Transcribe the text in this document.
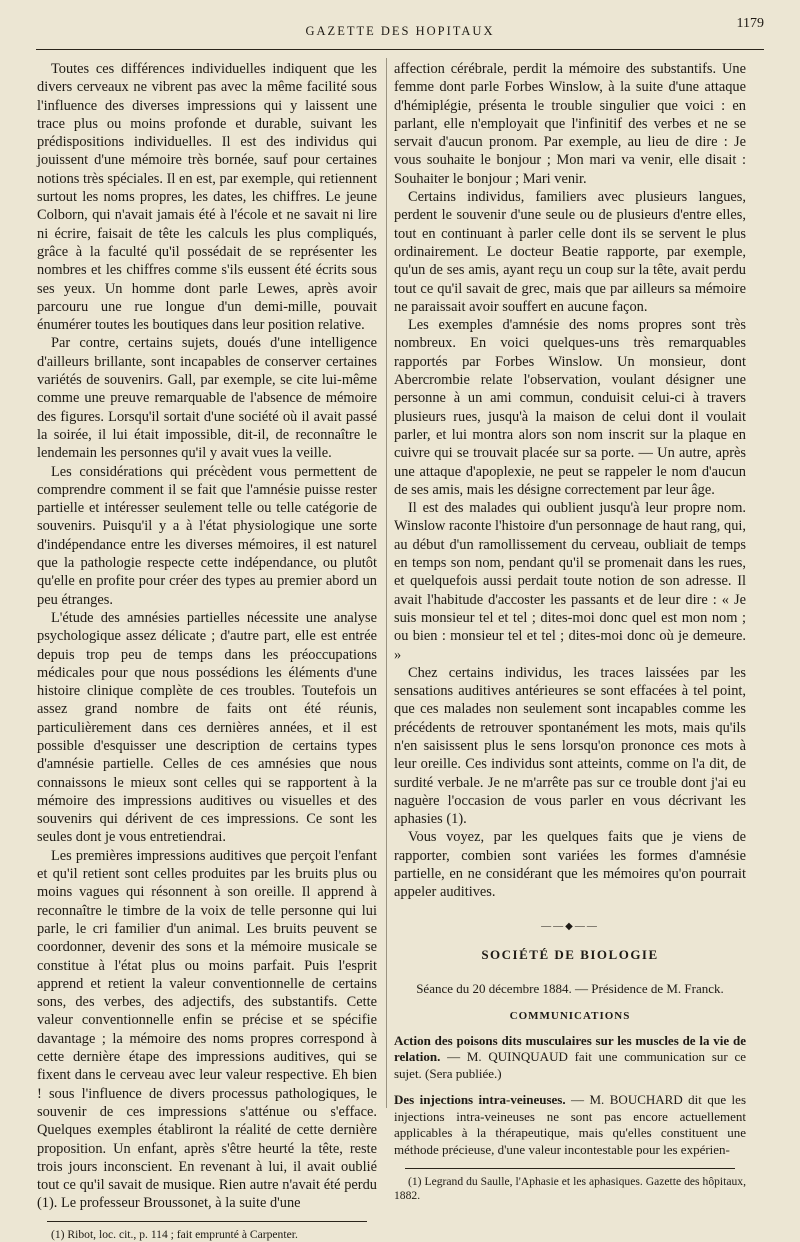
GAZETTE DES HOPITAUX	1179

Toutes ces différences individuelles indiquent que les divers cerveaux ne vibrent pas avec la même facilité sous l'influence des diverses impressions qui y laissent une trace plus ou moins profonde et durable, suivant les prédispositions individuelles. Il est des individus qui jouissent d'une mémoire très bornée, sauf pour certaines notions très spéciales. Il en est, par exemple, qui retiennent surtout les noms propres, les dates, les chiffres. Le jeune Colborn, qui n'avait jamais été à l'école et ne savait ni lire ni écrire, faisait de tête les calculs les plus compliqués, grâce à la faculté qu'il possédait de se représenter les nombres et les chiffres comme s'ils eussent été écrits sous ses yeux. Un homme dont parle Lewes, après avoir parcouru une rue longue d'un demi-mille, pouvait énumérer toutes les boutiques dans leur position relative.

Par contre, certains sujets, doués d'une intelligence d'ailleurs brillante, sont incapables de conserver certaines variétés de souvenirs. Gall, par exemple, se cite lui-même comme une preuve remarquable de l'absence de mémoire des figures. Lorsqu'il sortait d'une société où il avait passé la soirée, il lui était impossible, dit-il, de reconnaître le lendemain les personnes qu'il y avait vues la veille.

Les considérations qui précèdent vous permettent de comprendre comment il se fait que l'amnésie puisse rester partielle et intéresser seulement telle ou telle catégorie de souvenirs. Puisqu'il y a à l'état physiologique une sorte d'indépendance entre les diverses mémoires, il est naturel que la pathologie respecte cette indépendance, ou plutôt qu'elle en profite pour créer des types au premier abord un peu étranges.

L'étude des amnésies partielles nécessite une analyse psychologique assez délicate ; d'autre part, elle est entrée depuis trop peu de temps dans les préoccupations médicales pour que nous possédions les éléments d'une histoire clinique complète de ces troubles. Toutefois un assez grand nombre de faits ont été réunis, particulièrement dans ces dernières années, et il est possible d'esquisser une description de certains types d'amnésie partielle. Celles de ces amnésies que nous connaissons le mieux sont celles qui se rapportent à la mémoire des impressions auditives ou visuelles et des souvenirs qui dérivent de ces impressions. Ce sont les seules dont je vous entretiendrai.

Les premières impressions auditives que perçoit l'enfant et qu'il retient sont celles produites par les bruits plus ou moins vagues qui résonnent à son oreille. Il apprend à reconnaître le timbre de la voix de telle personne qui lui parle, le cri familier d'un animal. Les bruits peuvent se coordonner, devenir des sons et la mémoire musicale se constitue à l'état plus ou moins parfait. Puis l'esprit apprend et retient la valeur conventionnelle de certains sons, des verbes, des adjectifs, des substantifs. Cette valeur conventionnelle enfin se précise et se spécifie davantage ; la mémoire des noms propres correspond à cette dernière étape des impressions auditives, qui se fixent dans le cerveau avec leur valeur respective. Eh bien ! sous l'influence de divers processus pathologiques, le souvenir de ces impressions s'atténue ou s'efface. Quelques exemples établiront la réalité de cette dernière proposition. Un enfant, après s'être heurté la tête, reste trois jours inconscient. En revenant à lui, il avait oublié tout ce qu'il savait de musique. Rien autre n'avait été perdu (1). Le professeur Broussonet, à la suite d'une

(1) Ribot, loc. cit., p. 114 ; fait emprunté à Carpenter.

affection cérébrale, perdit la mémoire des substantifs. Une femme dont parle Forbes Winslow, à la suite d'une attaque d'hémiplégie, présenta le trouble singulier que voici : en parlant, elle n'employait que l'infinitif des verbes et ne se servait d'aucun pronom. Par exemple, au lieu de dire : Je vous souhaite le bonjour ; Mon mari va venir, elle disait : Souhaiter le bonjour ; Mari venir.

Certains individus, familiers avec plusieurs langues, perdent le souvenir d'une seule ou de plusieurs d'entre elles, tout en continuant à parler celle dont ils se servent le plus ordinairement. Le docteur Beatie rapporte, par exemple, qu'un de ses amis, ayant reçu un coup sur la tête, avait perdu tout ce qu'il savait de grec, mais que par ailleurs sa mémoire ne paraissait avoir souffert en aucune façon.

Les exemples d'amnésie des noms propres sont très nombreux. En voici quelques-uns très remarquables rapportés par Forbes Winslow. Un monsieur, dont Abercrombie relate l'observation, voulant désigner une personne à un ami commun, conduisit celui-ci à travers plusieurs rues, jusqu'à la maison de celui dont il voulait parler, et lui montra alors son nom inscrit sur la plaque en cuivre qui se trouvait placée sur sa porte. — Un autre, après une attaque d'apoplexie, ne peut se rappeler le nom d'aucun de ses amis, mais les désigne correctement par leur âge.

Il est des malades qui oublient jusqu'à leur propre nom. Winslow raconte l'histoire d'un personnage de haut rang, qui, au début d'un ramollissement du cerveau, oubliait de temps en temps son nom, pendant qu'il se promenait dans les rues, et quelquefois aussi perdait toute notion de son adresse. Il avait l'habitude d'accoster les passants et de leur dire : « Je suis monsieur tel et tel ; dites-moi donc quel est mon nom ; ou bien : monsieur tel et tel ; dites-moi donc où je demeure. »

Chez certains individus, les traces laissées par les sensations auditives antérieures se sont effacées à tel point, que ces malades non seulement sont incapables comme les précédents de retrouver spontanément les mots, mais qu'ils n'en saisissent plus le sens lorsqu'on prononce ces mots à leur oreille. Ces individus sont atteints, comme on l'a dit, de surdité verbale. Je ne m'arrête pas sur ce trouble dont j'ai eu naguère l'occasion de vous parler en vous décrivant les aphasies (1).

Vous voyez, par les quelques faits que je viens de rapporter, combien sont variées les formes d'amnésie partielle, en ne considérant que les mémoires qu'on pourrait appeler auditives.

——◆——
SOCIÉTÉ DE BIOLOGIE
Séance du 20 décembre 1884. — Présidence de M. Franck.
COMMUNICATIONS

Action des poisons dits musculaires sur les muscles de la vie de relation. — M. QUINQUAUD fait une communication sur ce sujet. (Sera publiée.)

Des injections intra-veineuses. — M. BOUCHARD dit que les injections intra-veineuses ne sont pas encore actuellement applicables à la thérapeutique, mais qu'elles constituent une méthode précieuse, d'une valeur incontestable pour les expérien-

(1) Legrand du Saulle, l'Aphasie et les aphasiques. Gazette des hôpitaux, 1882.
